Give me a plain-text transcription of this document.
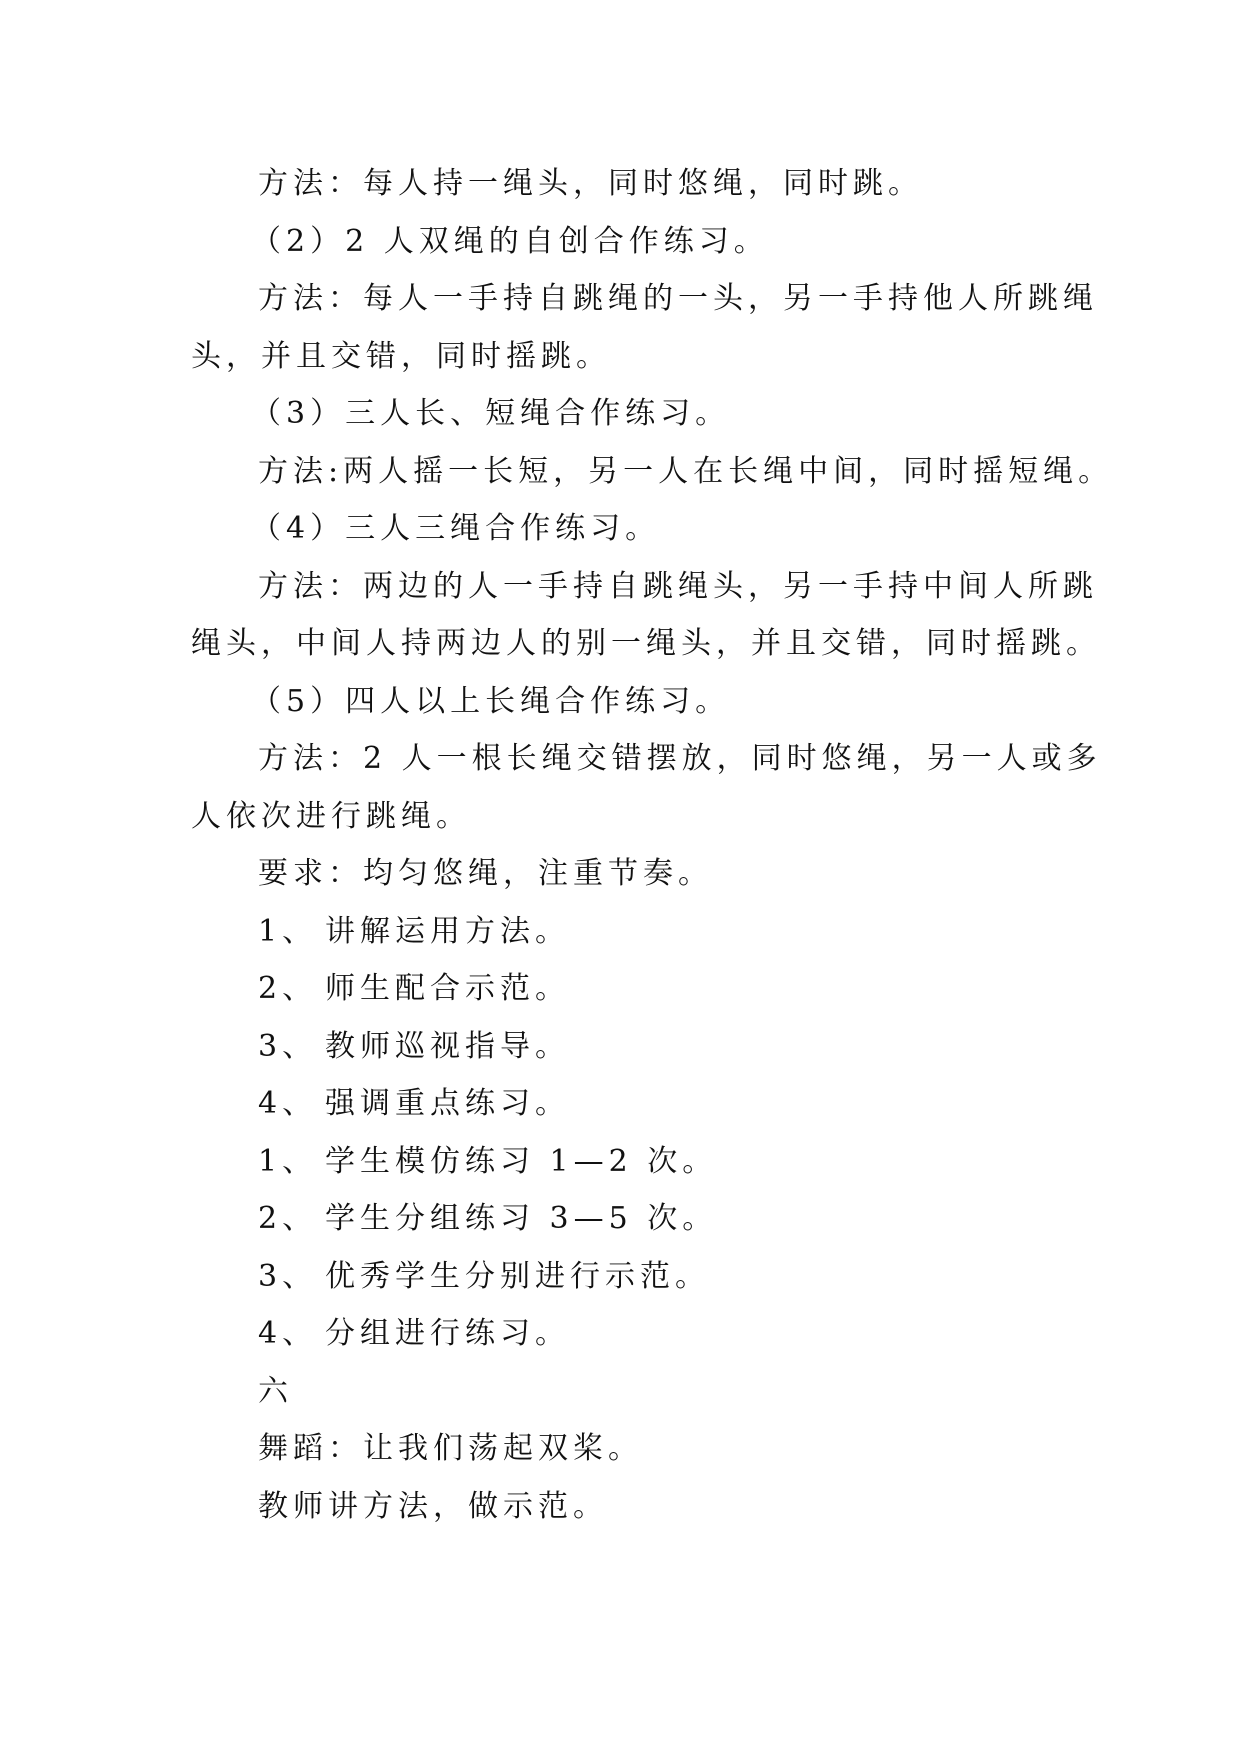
方法：每人持一绳头，同时悠绳，同时跳。
（2）2 人双绳的自创合作练习。
方法：每人一手持自跳绳的一头，另一手持他人所跳绳
头，并且交错，同时摇跳。
（3）三人长、短绳合作练习。
方法:两人摇一长短，另一人在长绳中间，同时摇短绳。
（4）三人三绳合作练习。
方法：两边的人一手持自跳绳头，另一手持中间人所跳
绳头，中间人持两边人的别一绳头，并且交错，同时摇跳。
（5）四人以上长绳合作练习。
方法：2 人一根长绳交错摆放，同时悠绳，另一人或多
人依次进行跳绳。
要求：均匀悠绳，注重节奏。
1、 讲解运用方法。
2、 师生配合示范。
3、 教师巡视指导。
4、 强调重点练习。
1、 学生模仿练习 1—2 次。
2、 学生分组练习 3—5 次。
3、 优秀学生分别进行示范。
4、 分组进行练习。
六
舞蹈：让我们荡起双桨。
教师讲方法，做示范。
